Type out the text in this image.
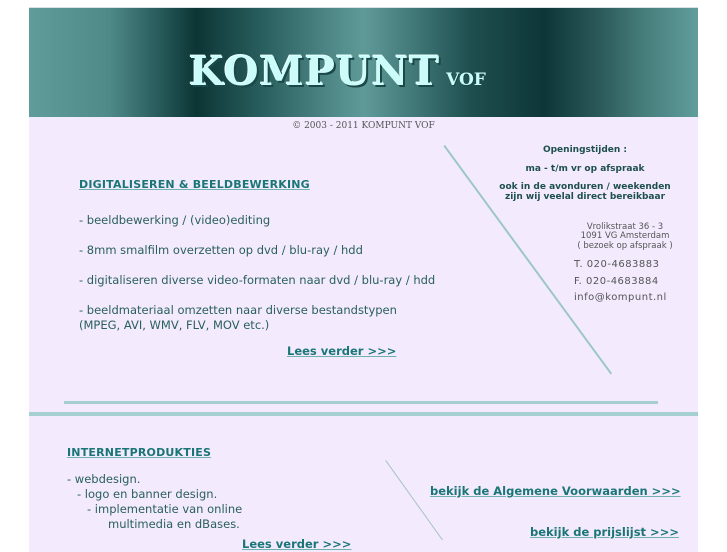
KOMPUNT VOF
© 2003 - 2011 KOMPUNT VOF
DIGITALISEREN & BEELDBEWERKING
- beeldbewerking / (video)editing
- 8mm smalfilm overzetten op dvd / blu-ray / hdd
- digitaliseren diverse video-formaten naar dvd / blu-ray / hdd
- beeldmateriaal omzetten naar diverse bestandstypen
(MPEG, AVI, WMV, FLV, MOV etc.)
Lees verder >>>
Openingstijden :
ma - t/m vr op afspraak
ook in de avonduren / weekenden
zijn wij veelal direct bereikbaar
Vrolikstraat 36 - 3
1091 VG Amsterdam
( bezoek op afspraak )
T. 020-4683883
F. 020-4683884
info@kompunt.nl
INTERNETPRODUKTIES
- webdesign.
- logo en banner design.
- implementatie van online
multimedia en dBases.
Lees verder >>>
bekijk de Algemene Voorwaarden >>>
bekijk de prijslijst >>>
